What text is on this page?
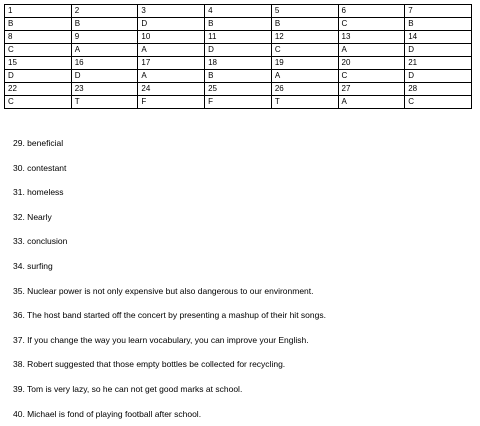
1	2	3	4	5	6	7
B	B	D	B	B	C	B
8	9	10	11	12	13	14
C	A	A	D	C	A	D
15	16	17	18	19	20	21
D	D	A	B	A	C	D
22	23	24	25	26	27	28
C	T	F	F	T	A	C
29. beneficial
30. contestant
31. homeless
32. Nearly
33. conclusion
34. surfing
35. Nuclear power is not only expensive but also dangerous to our environment.
36. The host band started off the concert by presenting a mashup of their hit songs.
37. If you change the way you learn vocabulary, you can improve your English.
38. Robert suggested that those empty bottles be collected for recycling.
39. Tom is very lazy, so he can not get good marks at school.
40. Michael is fond of playing football after school.
